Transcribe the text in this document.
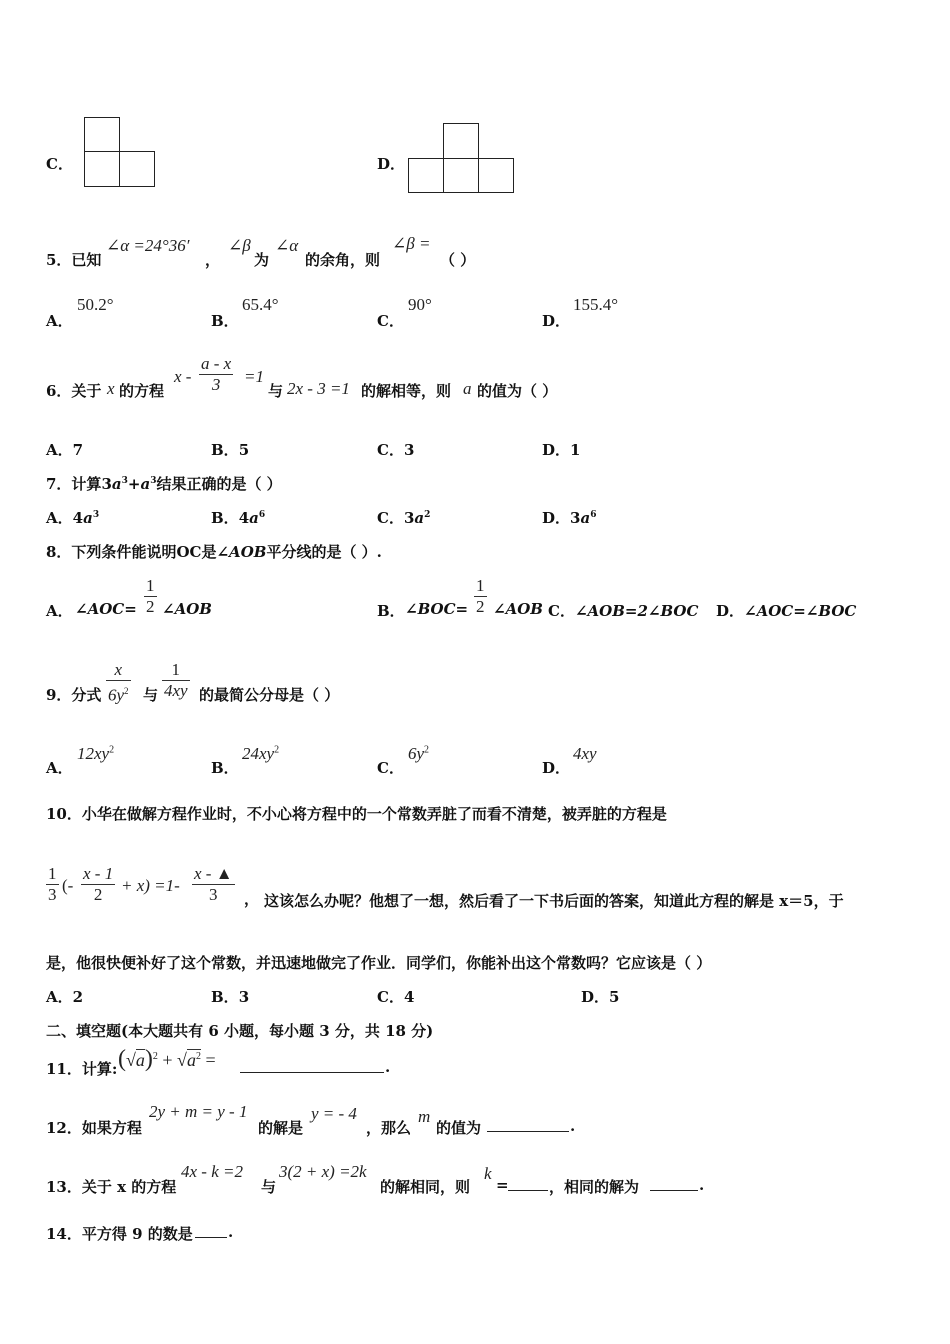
C．	D．
5．已知
∠α =24°36′
，
∠β
为
∠α
的余角，则
∠β =
（ ）
A．
50.2°
B．
65.4°
C．
90°
D．
155.4°
6．关于 x 的方程
$x - \frac{a - x}{3} =1$
与 2x - 3 =1 的解相等，则 a 的值为（ ）
A．7	B．5	C．3	D．1
7．计算$3a^3+a^3$结果正确的是（ ）
A．$4a^3$	B．$4a^6$	C．$3a^2$	D．$3a^6$
8．下列条件能说明OC是∠AOB平分线的是（ ）.
A． ∠AOC= $\frac{1}{2}$ ∠AOB	B． ∠BOC= $\frac{1}{2}$ ∠AOB C．∠AOB=2∠BOC D．∠AOC=∠BOC
9．分式 $\frac{x}{6y^2}$ 与 $\frac{1}{4xy}$ 的最简公分母是（ ）
A．
$12xy^2$
B．
$24xy^2$
C．
$6y^2$
D．
4xy
10．小华在做解方程作业时，不小心将方程中的一个常数弄脏了而看不清楚，被弄脏的方程是
$\frac{1}{3}$ (- $\frac{x - 1}{2} + x) =1- \frac{x - ▲}{3}$ ， 这该怎么办呢？他想了一想，然后看了一下书后面的答案，知道此方程的解是 x＝5，于
是，他很快便补好了这个常数，并迅速地做完了作业．同学们，你能补出这个常数吗？它应该是（ ）
A．2	B．3	C．4	D．5
二、填空题(本大题共有 6 小题，每小题 3 分，共 18 分)
11．计算: $(√a)^2 + √a^2$ =	.
12．如果方程
2y + m = y - 1
的解是
y = - 4
，那么
m
的值为	.
13．关于 x 的方程
4x - k =2
与
3(2 + x) =2k
的解相同，则
k
=	，相同的解为	.
14．平方得 9 的数是 .
